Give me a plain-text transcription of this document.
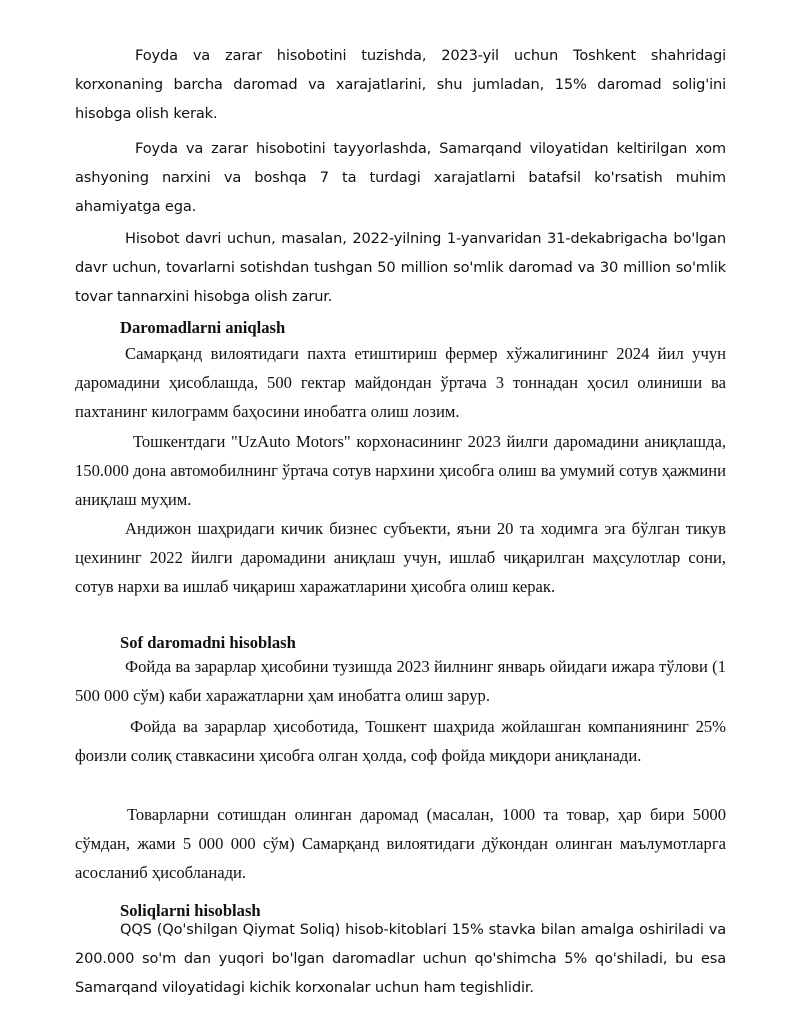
Foyda va zarar hisobotini tuzishda, 2023-yil uchun Toshkent shahridagi korxonaning barcha daromad va xarajatlarini, shu jumladan, 15% daromad solig'ini hisobga olish kerak.

Foyda va zarar hisobotini tayyorlashda, Samarqand viloyatidan keltirilgan xom ashyoning narxini va boshqa 7 ta turdagi xarajatlarni batafsil ko'rsatish muhim ahamiyatga ega.

Hisobot davri uchun, masalan, 2022-yilning 1-yanvaridan 31-dekabrigacha bo'lgan davr uchun, tovarlarni sotishdan tushgan 50 million so'mlik daromad va 30 million so'mlik tovar tannarxini hisobga olish zarur.

Daromadlarni aniqlash

Самарқанд вилоятидаги пахта етиштириш фермер хўжалигининг 2024 йил учун даромадини ҳисоблашда, 500 гектар майдондан ўртача 3 тоннадан ҳосил олиниши ва пахтанинг килограмм баҳосини инобатга олиш лозим.

Тошкентдаги "UzAuto Motors" корхонасининг 2023 йилги даромадини аниқлашда, 150.000 дона автомобилнинг ўртача сотув нархини ҳисобга олиш ва умумий сотув ҳажмини аниқлаш муҳим.

Андижон шаҳридаги кичик бизнес субъекти, яъни 20 та ходимга эга бўлган тикув цехининг 2022 йилги даромадини аниқлаш учун, ишлаб чиқарилган маҳсулотлар сони, сотув нархи ва ишлаб чиқариш харажатларини ҳисобга олиш керак.

Sof daromadni hisoblash

Фойда ва зарарлар ҳисобини тузишда 2023 йилнинг январь ойидаги ижара тўлови (1 500 000 сўм) каби харажатларни ҳам инобатга олиш зарур.

Фойда ва зарарлар ҳисоботида, Тошкент шаҳрида жойлашган компаниянинг 25% фоизли солиқ ставкасини ҳисобга олган ҳолда, соф фойда миқдори аниқланади.

Товарларни сотишдан олинган даромад (масалан, 1000 та товар, ҳар бири 5000 сўмдан, жами 5 000 000 сўм) Самарқанд вилоятидаги дўкондан олинган маълумотларга асосланиб ҳисобланади.

Soliqlarni hisoblash

QQS (Qo'shilgan Qiymat Soliq) hisob-kitoblari 15% stavka bilan amalga oshiriladi va 200.000 so'm dan yuqori bo'lgan daromadlar uchun qo'shimcha 5% qo'shiladi, bu esa Samarqand viloyatidagi kichik korxonalar uchun ham tegishlidir.
